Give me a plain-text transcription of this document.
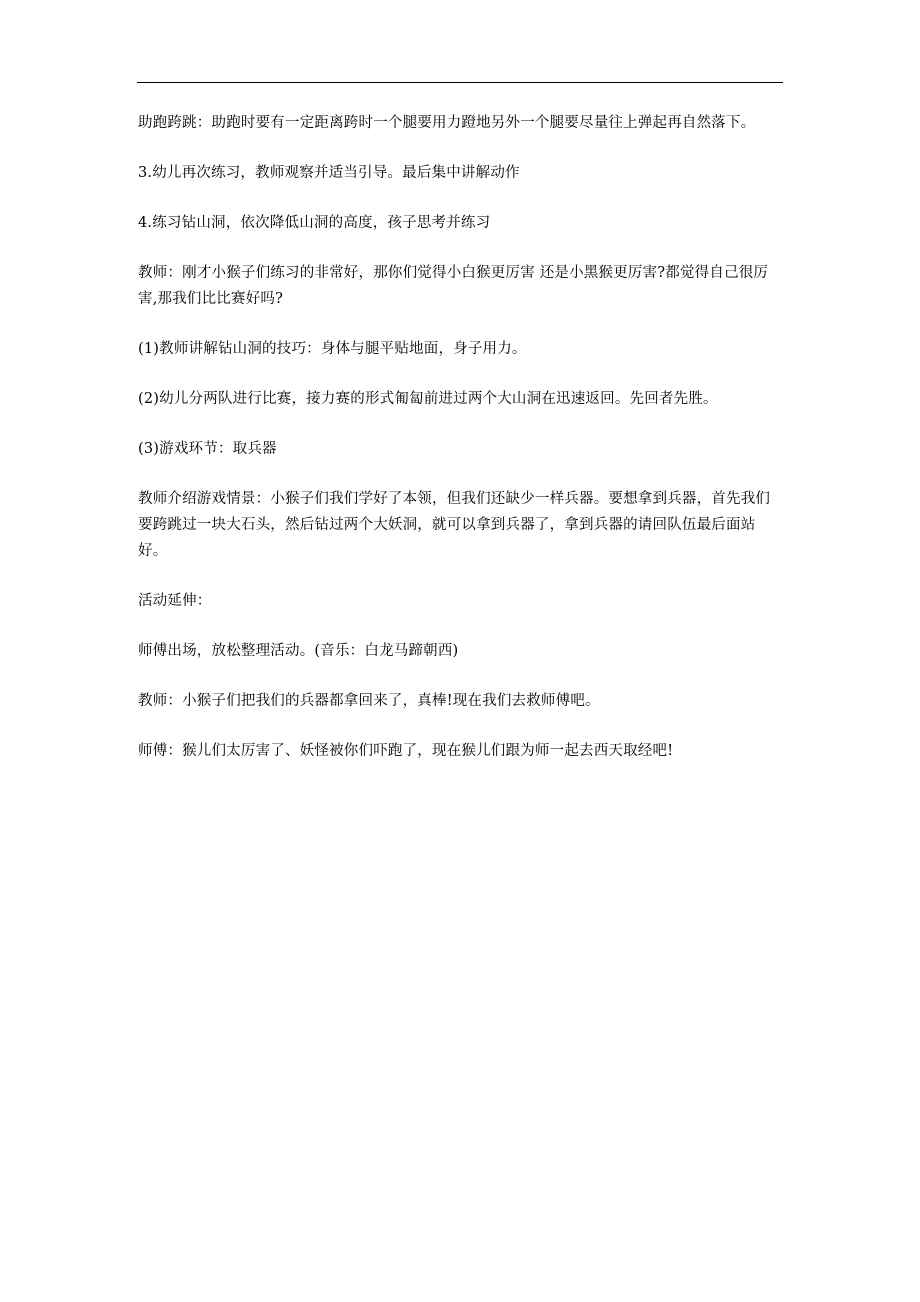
助跑跨跳：助跑时要有一定距离跨时一个腿要用力蹬地另外一个腿要尽量往上弹起再自然落下。

3.幼儿再次练习，教师观察并适当引导。最后集中讲解动作

4.练习钻山洞，依次降低山洞的高度，孩子思考并练习

教师：刚才小猴子们练习的非常好，那你们觉得小白猴更厉害 还是小黑猴更厉害?都觉得自己很厉害,那我们比比赛好吗?

(1)教师讲解钻山洞的技巧：身体与腿平贴地面，身子用力。

(2)幼儿分两队进行比赛，接力赛的形式匍匐前进过两个大山洞在迅速返回。先回者先胜。

(3)游戏环节：取兵器

教师介绍游戏情景：小猴子们我们学好了本领，但我们还缺少一样兵器。要想拿到兵器，首先我们要跨跳过一块大石头，然后钻过两个大妖洞，就可以拿到兵器了，拿到兵器的请回队伍最后面站好。

活动延伸：

师傅出场，放松整理活动。(音乐：白龙马蹄朝西)

教师：小猴子们把我们的兵器都拿回来了，真棒!现在我们去救师傅吧。

师傅：猴儿们太厉害了、妖怪被你们吓跑了，现在猴儿们跟为师一起去西天取经吧!
